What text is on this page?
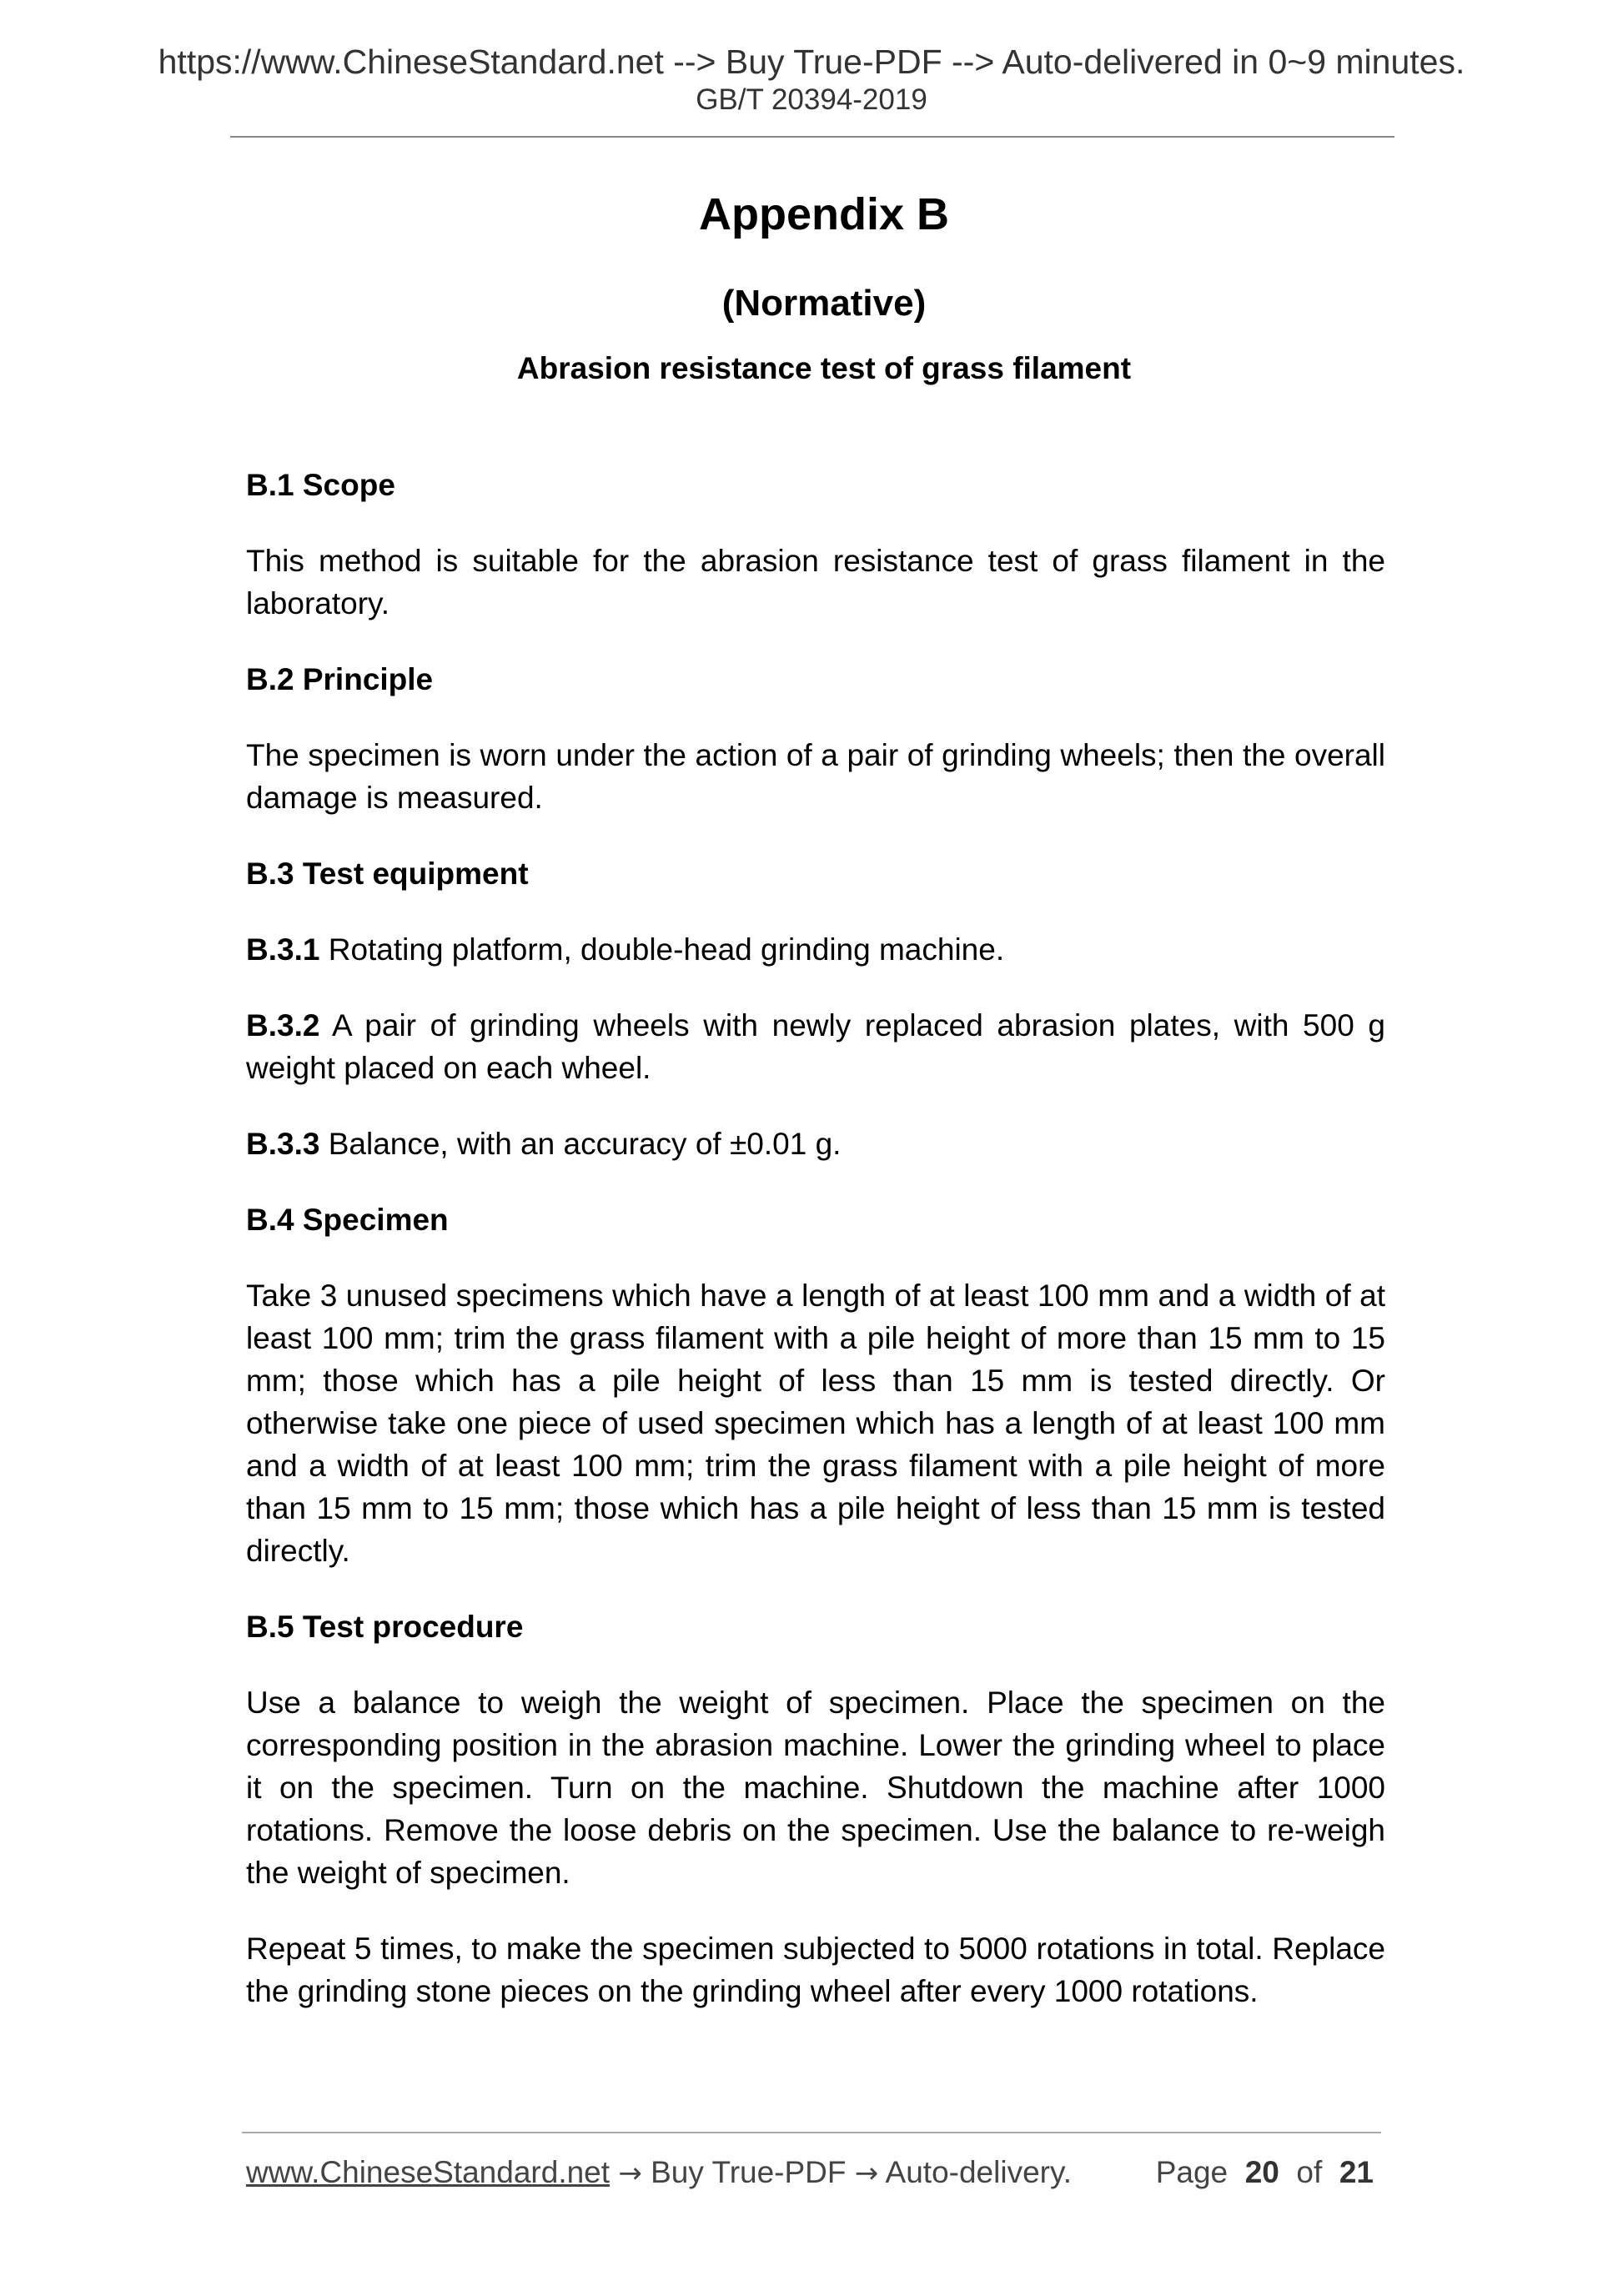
https://www.ChineseStandard.net --> Buy True-PDF --> Auto-delivered in 0~9 minutes.
GB/T 20394-2019
Appendix B
(Normative)
Abrasion resistance test of grass filament
B.1 Scope

This method is suitable for the abrasion resistance test of grass filament in the laboratory.

B.2 Principle

The specimen is worn under the action of a pair of grinding wheels; then the overall damage is measured.

B.3 Test equipment

B.3.1 Rotating platform, double-head grinding machine.

B.3.2 A pair of grinding wheels with newly replaced abrasion plates, with 500 g weight placed on each wheel.

B.3.3 Balance, with an accuracy of ±0.01 g.

B.4 Specimen

Take 3 unused specimens which have a length of at least 100 mm and a width of at least 100 mm; trim the grass filament with a pile height of more than 15 mm to 15 mm; those which has a pile height of less than 15 mm is tested directly. Or otherwise take one piece of used specimen which has a length of at least 100 mm and a width of at least 100 mm; trim the grass filament with a pile height of more than 15 mm to 15 mm; those which has a pile height of less than 15 mm is tested directly.

B.5 Test procedure

Use a balance to weigh the weight of specimen. Place the specimen on the corresponding position in the abrasion machine. Lower the grinding wheel to place it on the specimen. Turn on the machine. Shutdown the machine after 1000 rotations. Remove the loose debris on the specimen. Use the balance to re-weigh the weight of specimen.

Repeat 5 times, to make the specimen subjected to 5000 rotations in total. Replace the grinding stone pieces on the grinding wheel after every 1000 rotations.

www.ChineseStandard.net → Buy True-PDF → Auto-delivery.	Page 20 of 21
